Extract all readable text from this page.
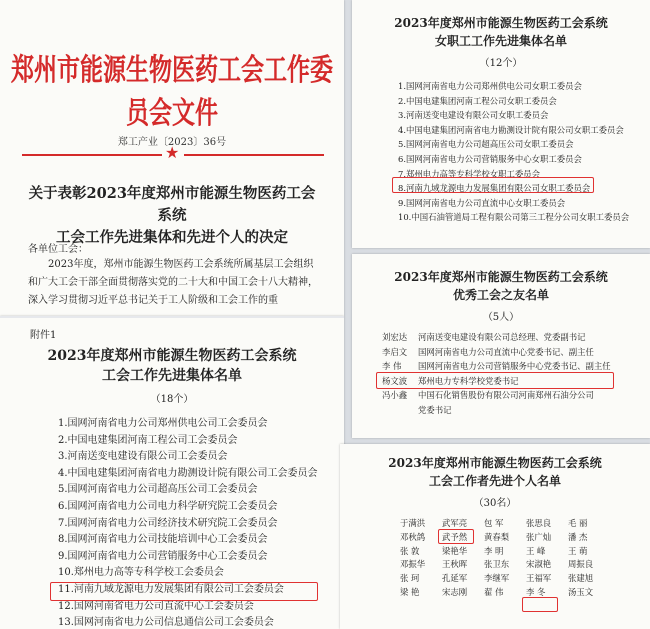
郑州市能源生物医药工会工作委员会文件
郑工产业〔2023〕36号
★
关于表彰2023年度郑州市能源生物医药工会系统
工会工作先进集体和先进个人的决定
各单位工会：
2023年度，郑州市能源生物医药工会系统所属基层工会组织和广大工会干部全面贯彻落实党的二十大和中国工会十八大精神，深入学习贯彻习近平总书记关于工人阶级和工会工作的重
附件1
2023年度郑州市能源生物医药工会系统
工会工作先进集体名单
（18个）
1.国网河南省电力公司郑州供电公司工会委员会
2.中国电建集团河南工程公司工会委员会
3.河南送变电建设有限公司工会委员会
4.中国电建集团河南省电力勘测设计院有限公司工会委员会
5.国网河南省电力公司超高压公司工会委员会
6.国网河南省电力公司电力科学研究院工会委员会
7.国网河南省电力公司经济技术研究院工会委员会
8.国网河南省电力公司技能培训中心工会委员会
9.国网河南省电力公司营销服务中心工会委员会
10.郑州电力高等专科学校工会委员会
11.河南九域龙源电力发展集团有限公司工会委员会
12.国网河南省电力公司直流中心工会委员会
13.国网河南省电力公司信息通信公司工会委员会
2023年度郑州市能源生物医药工会系统
女职工工作先进集体名单
（12个）
1.国网河南省电力公司郑州供电公司女职工委员会
2.中国电建集团河南工程公司女职工委员会
3.河南送变电建设有限公司女职工委员会
4.中国电建集团河南省电力勘测设计院有限公司女职工委员会
5.国网河南省电力公司超高压公司女职工委员会
6.国网河南省电力公司营销服务中心女职工委员会
7.郑州电力高等专科学校女职工委员会
8.河南九域龙源电力发展集团有限公司女职工委员会
9.国网河南省电力公司直流中心女职工委员会
10.中国石油管道局工程有限公司第三工程分公司女职工委员会
2023年度郑州市能源生物医药工会系统
优秀工会之友名单
（5人）
刘宏达	河南送变电建设有限公司总经理、党委副书记
李启文	国网河南省电力公司直流中心党委书记、副主任
李 伟	国网河南省电力公司营销服务中心党委书记、副主任
杨文波	郑州电力专科学校党委书记
冯小鑫	中国石化销售股份有限公司河南郑州石油分公司
党委书记
2023年度郑州市能源生物医药工会系统
工会工作者先进个人名单
（30名）
于满洪	武军亮	包 军	张思良	毛 丽
邓秋鸽	武予然	黄春梨	张广灿	潘 杰
张 敦	梁艳华	李 明	王 峰	王 萌
邓振华	王秋晖	张卫东	宋淑艳	周振良
张 珂	孔延军	李继军	王福军	张建旭
梁 艳	宋志刚	翟 伟	李 冬	汤玉文
